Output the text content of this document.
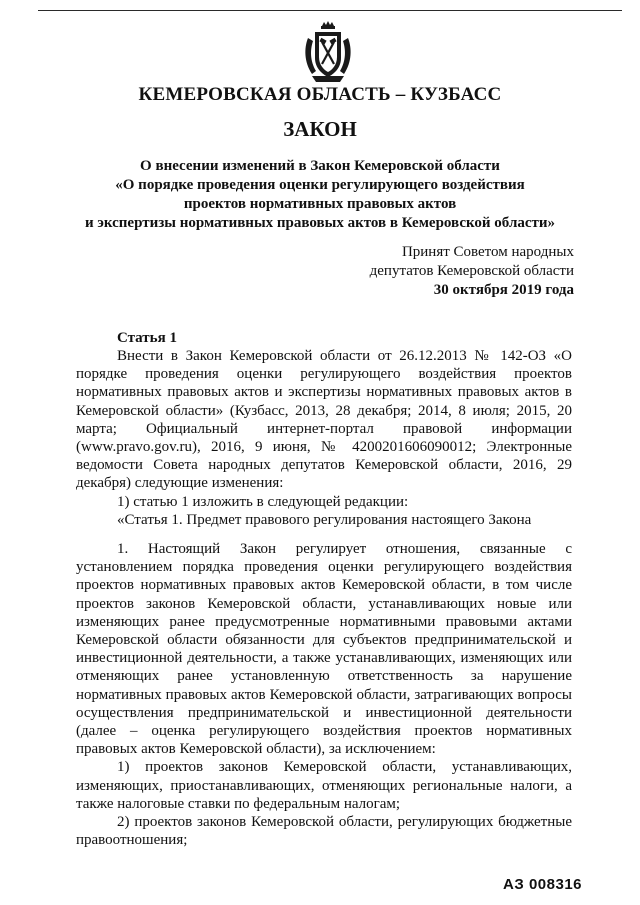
КЕМЕРОВСКАЯ ОБЛАСТЬ – КУЗБАСС
ЗАКОН
О внесении изменений в Закон Кемеровской области
«О порядке проведения оценки регулирующего воздействия
проектов нормативных правовых актов
и экспертизы нормативных правовых актов в Кемеровской области»
Принят Советом народных
депутатов Кемеровской области
30 октября 2019 года
Статья 1

Внести в Закон Кемеровской области от 26.12.2013 № 142-ОЗ «О порядке проведения оценки регулирующего воздействия проектов нормативных правовых актов и экспертизы нормативных правовых актов в Кемеровской области» (Кузбасс, 2013, 28 декабря; 2014, 8 июля; 2015, 20 марта; Официальный интернет-портал правовой информации (www.pravo.gov.ru), 2016, 9 июня, № 4200201606090012; Электронные ведомости Совета народных депутатов Кемеровской области, 2016, 29 декабря) следующие изменения:

1) статью 1 изложить в следующей редакции:

«Статья 1. Предмет правового регулирования настоящего Закона

1. Настоящий Закон регулирует отношения, связанные с установлением порядка проведения оценки регулирующего воздействия проектов нормативных правовых актов Кемеровской области, в том числе проектов законов Кемеровской области, устанавливающих новые или изменяющих ранее предусмотренные нормативными правовыми актами Кемеровской области обязанности для субъектов предпринимательской и инвестиционной деятельности, а также устанавливающих, изменяющих или отменяющих ранее установленную ответственность за нарушение нормативных правовых актов Кемеровской области, затрагивающих вопросы осуществления предпринимательской и инвестиционной деятельности (далее – оценка регулирующего воздействия проектов нормативных правовых актов Кемеровской области), за исключением:

1) проектов законов Кемеровской области, устанавливающих, изменяющих, приостанавливающих, отменяющих региональные налоги, а также налоговые ставки по федеральным налогам;

2) проектов законов Кемеровской области, регулирующих бюджетные правоотношения;

АЗ 008316
